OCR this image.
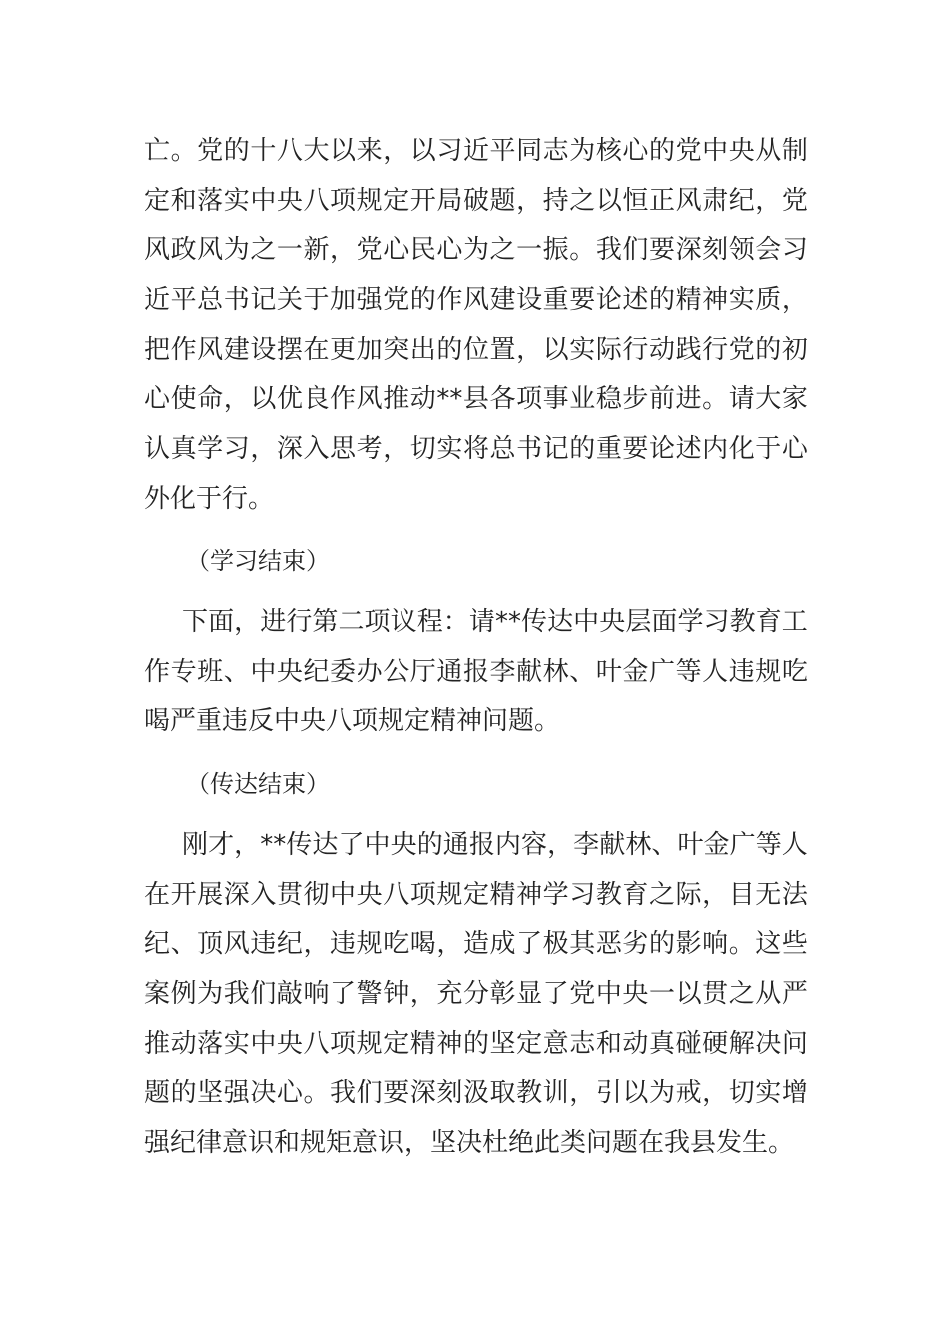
亡 。 党 的 十 八 大 以 来 ， 以 习 近 平 同 志 为 核 心 的 党 中 央 从 制
定 和 落 实 中 央 八 项 规 定 开 局 破 题 ， 持 之 以 恒 正 风 肃 纪 ， 党
风 政 风 为 之 一 新 ， 党 心 民 心 为 之 一 振 。 我 们 要 深 刻 领 会 习
近 平 总 书 记 关 于 加 强 党 的 作 风 建 设 重 要 论 述 的 精 神 实 质 ，
把 作 风 建 设 摆 在 更 加 突 出 的 位 置 ， 以 实 际 行 动 践 行 党 的 初
心 使 命 ， 以 优 良 作 风 推 动 ** 县 各 项 事 业 稳 步 前 进 。 请 大 家
认 真 学 习 ， 深 入 思 考 ， 切 实 将 总 书 记 的 重 要 论 述 内 化 于 心
外化于行。
（学习结束）
下 面 ， 进 行 第 二 项 议 程 ： 请 ** 传 达 中 央 层 面 学 习 教 育 工
作 专 班 、 中 央 纪 委 办 公 厅 通 报 李 献 林 、 叶 金 广 等 人 违 规 吃
喝严重违反中央八项规定精神问题。
（传达结束）
刚 才 ， ** 传 达 了 中 央 的 通 报 内 容 ， 李 献 林 、 叶 金 广 等 人
在 开 展 深 入 贯 彻 中 央 八 项 规 定 精 神 学 习 教 育 之 际 ， 目 无 法
纪 、 顶 风 违 纪 ， 违 规 吃 喝 ， 造 成 了 极 其 恶 劣 的 影 响 。 这 些
案 例 为 我 们 敲 响 了 警 钟 ， 充 分 彰 显 了 党 中 央 一 以 贯 之 从 严
推 动 落 实 中 央 八 项 规 定 精 神 的 坚 定 意 志 和 动 真 碰 硬 解 决 问
题 的 坚 强 决 心 。 我 们 要 深 刻 汲 取 教 训 ， 引 以 为 戒 ， 切 实 增
强纪律意识和规矩意识，坚决杜绝此类问题在我县发生。
